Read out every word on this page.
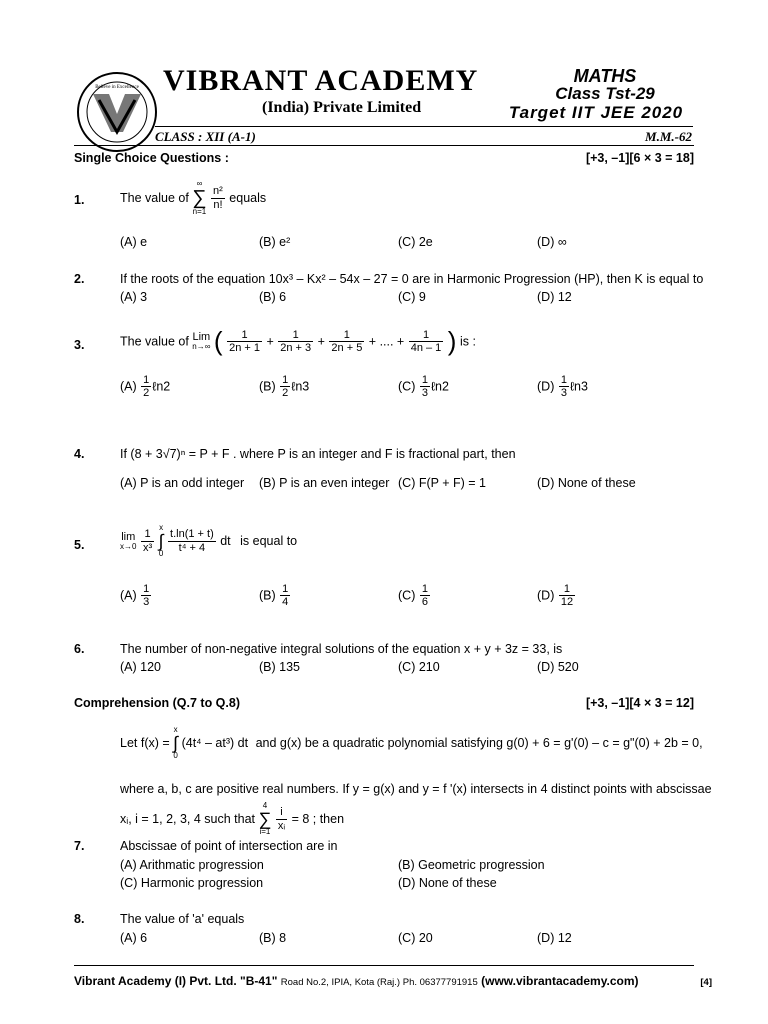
Believe in Excellence VIBRANT ACADEMY
(India) Private Limited
MATHS
Class Tst-29
Target IIT JEE 2020
CLASS : XII (A-1)	M.M.-62
Single Choice Questions :	[+3, –1][6 × 3 = 18]
1.	The value of
∞
∑
n=1

$\frac{\text{n²}}{n!}$ equals
(A) e	(B) e²	(C) 2e	(D) ∞
2.	If the roots of the equation 10x³ – Kx² – 54x – 27 = 0 are in Harmonic Progression (HP), then K is equal to
(A) 3	(B) 6	(C) 9	(D) 12
3.	The value of Lim
n→∞ ( $\frac{1}{2n + 1} + \frac{1}{2n + 3} + \frac{1}{2n + 5}$ + .... + $\frac{1}{4n - 1}$ ) is :
$(A) \frac{1}{2}$ ℓn2	$(B) \frac{1}{2}$ ℓn3	$(C) \frac{1}{3}$ ℓn2	$(D) \frac{1}{3}$ ℓn3
4.	If (8 + 3√7)ⁿ = P + F . where P is an integer and F is fractional part, then
(A) P is an odd integer (B) P is an even integer (C) F(P + F) = 1	(D) None of these
5.
lim
x→0
$\frac{1}{\text{x³}}$

x
∫
0
$\frac{t.\ln(1 + t)}{\text{t⁴ + 4}}$ dt is equal to
$(A) \frac{1}{3}$	$(B) \frac{1}{4}$	$(C) \frac{1}{6}$	$(D) \frac{1}{12}$
6.	The number of non-negative integral solutions of the equation x + y + 3z = 33, is
(A) 120	(B) 135	(C) 210	(D) 520
Comprehension (Q.7 to Q.8)	[+3, –1][4 × 3 = 12]
Let f(x) =
x
∫
0
(4t⁴ – at³) dt and g(x) be a quadratic polynomial satisfying g(0) + 6 = g'(0) – c = g"(0) + 2b = 0,
where a, b, c are positive real numbers. If y = g(x) and y = f '(x) intersects in 4 distinct points with abscissae
xᵢ, i = 1, 2, 3, 4 such that
4
∑
i=1
$\frac{i}{\text{xᵢ}} = 8$ ; then
7.	Abscissae of point of intersection are in
(A) Arithmatic progression	(B) Geometric progression
(C) Harmonic progression	(D) None of these
8.	The value of 'a' equals
(A) 6	(B) 8	(C) 20	(D) 12
Vibrant Academy (I) Pvt. Ltd. "B-41" Road No.2, IPIA, Kota (Raj.) Ph. 06377791915 (www.vibrantacademy.com)	[4]
